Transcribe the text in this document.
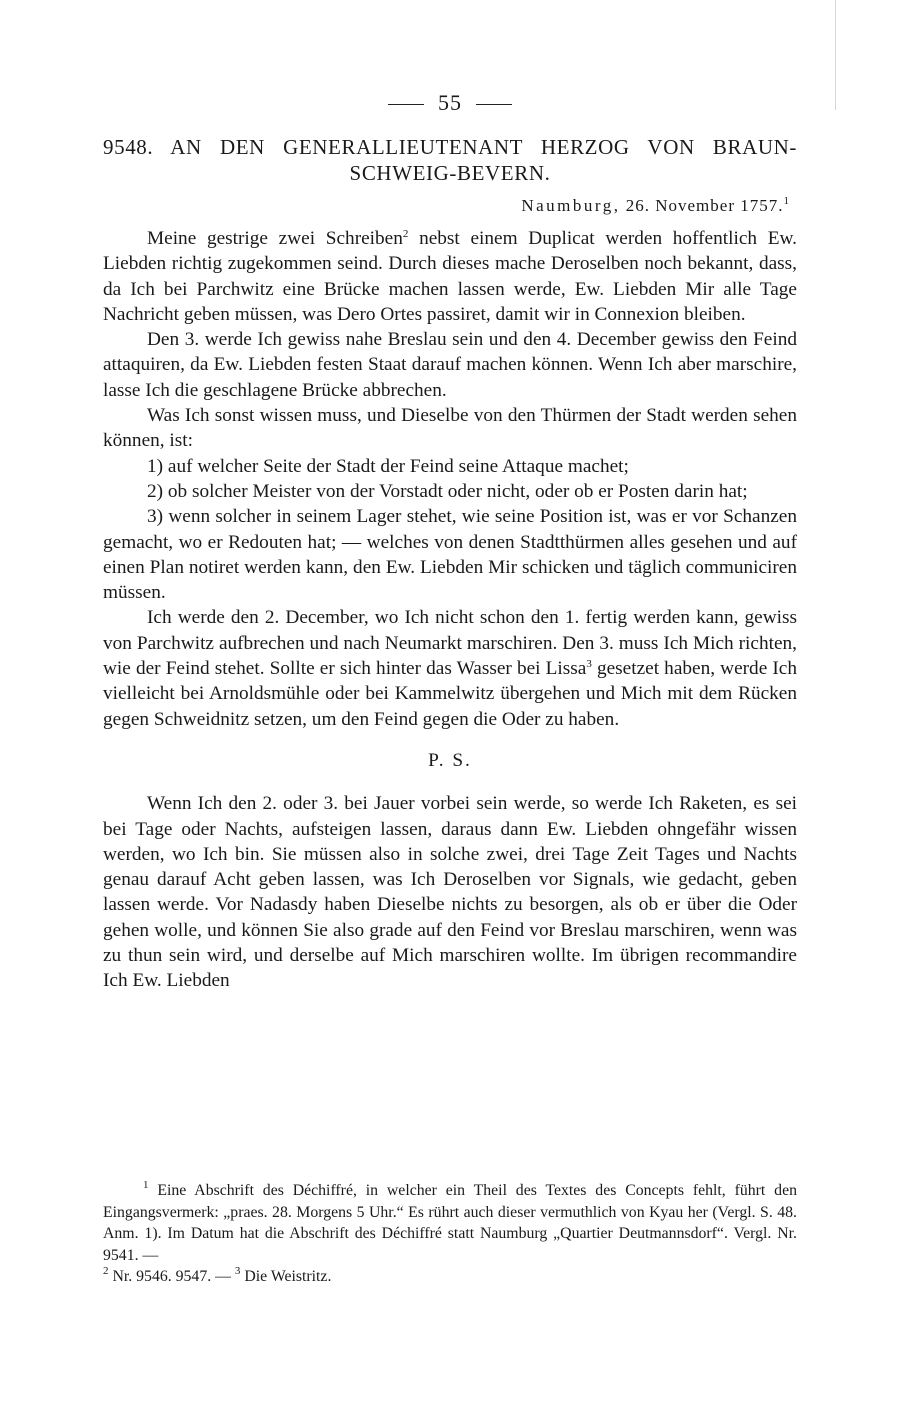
55
9548. AN DEN GENERALLIEUTENANT HERZOG VON BRAUN-
SCHWEIG-BEVERN.
Naumburg, 26. November 1757.$^1$

Meine gestrige zwei Schreiben$^2$ nebst einem Duplicat werden hoffentlich Ew. Liebden richtig zugekommen seind. Durch dieses mache Deroselben noch bekannt, dass, da Ich bei Parchwitz eine Brücke machen lassen werde, Ew. Liebden Mir alle Tage Nachricht geben müssen, was Dero Ortes passiret, damit wir in Connexion bleiben.

Den 3. werde Ich gewiss nahe Breslau sein und den 4. December gewiss den Feind attaquiren, da Ew. Liebden festen Staat darauf machen können. Wenn Ich aber marschire, lasse Ich die geschlagene Brücke abbrechen.

Was Ich sonst wissen muss, und Dieselbe von den Thürmen der Stadt werden sehen können, ist:

1) auf welcher Seite der Stadt der Feind seine Attaque machet;

2) ob solcher Meister von der Vorstadt oder nicht, oder ob er Posten darin hat;

3) wenn solcher in seinem Lager stehet, wie seine Position ist, was er vor Schanzen gemacht, wo er Redouten hat; — welches von denen Stadtthürmen alles gesehen und auf einen Plan notiret werden kann, den Ew. Liebden Mir schicken und täglich communiciren müssen.

Ich werde den 2. December, wo Ich nicht schon den 1. fertig werden kann, gewiss von Parchwitz aufbrechen und nach Neumarkt marschiren. Den 3. muss Ich Mich richten, wie der Feind stehet. Sollte er sich hinter das Wasser bei Lissa$^3$ gesetzet haben, werde Ich vielleicht bei Arnoldsmühle oder bei Kammelwitz übergehen und Mich mit dem Rücken gegen Schweidnitz setzen, um den Feind gegen die Oder zu haben.

P. S.

Wenn Ich den 2. oder 3. bei Jauer vorbei sein werde, so werde Ich Raketen, es sei bei Tage oder Nachts, aufsteigen lassen, daraus dann Ew. Liebden ohngefähr wissen werden, wo Ich bin. Sie müssen also in solche zwei, drei Tage Zeit Tages und Nachts genau darauf Acht geben lassen, was Ich Deroselben vor Signals, wie gedacht, geben lassen werde. Vor Nadasdy haben Dieselbe nichts zu besorgen, als ob er über die Oder gehen wolle, und können Sie also grade auf den Feind vor Breslau marschiren, wenn was zu thun sein wird, und derselbe auf Mich marschiren wollte. Im übrigen recommandire Ich Ew. Liebden

$^1$ Eine Abschrift des Déchiffré, in welcher ein Theil des Textes des Concepts fehlt, führt den Eingangsvermerk: „praes. 28. Morgens 5 Uhr.“ Es rührt auch dieser vermuthlich von Kyau her (Vergl. S. 48. Anm. 1). Im Datum hat die Abschrift des Déchiffré statt Naumburg „Quartier Deutmannsdorf“. Vergl. Nr. 9541. —

$^2$ Nr. 9546. 9547. — $^3$ Die Weistritz.
